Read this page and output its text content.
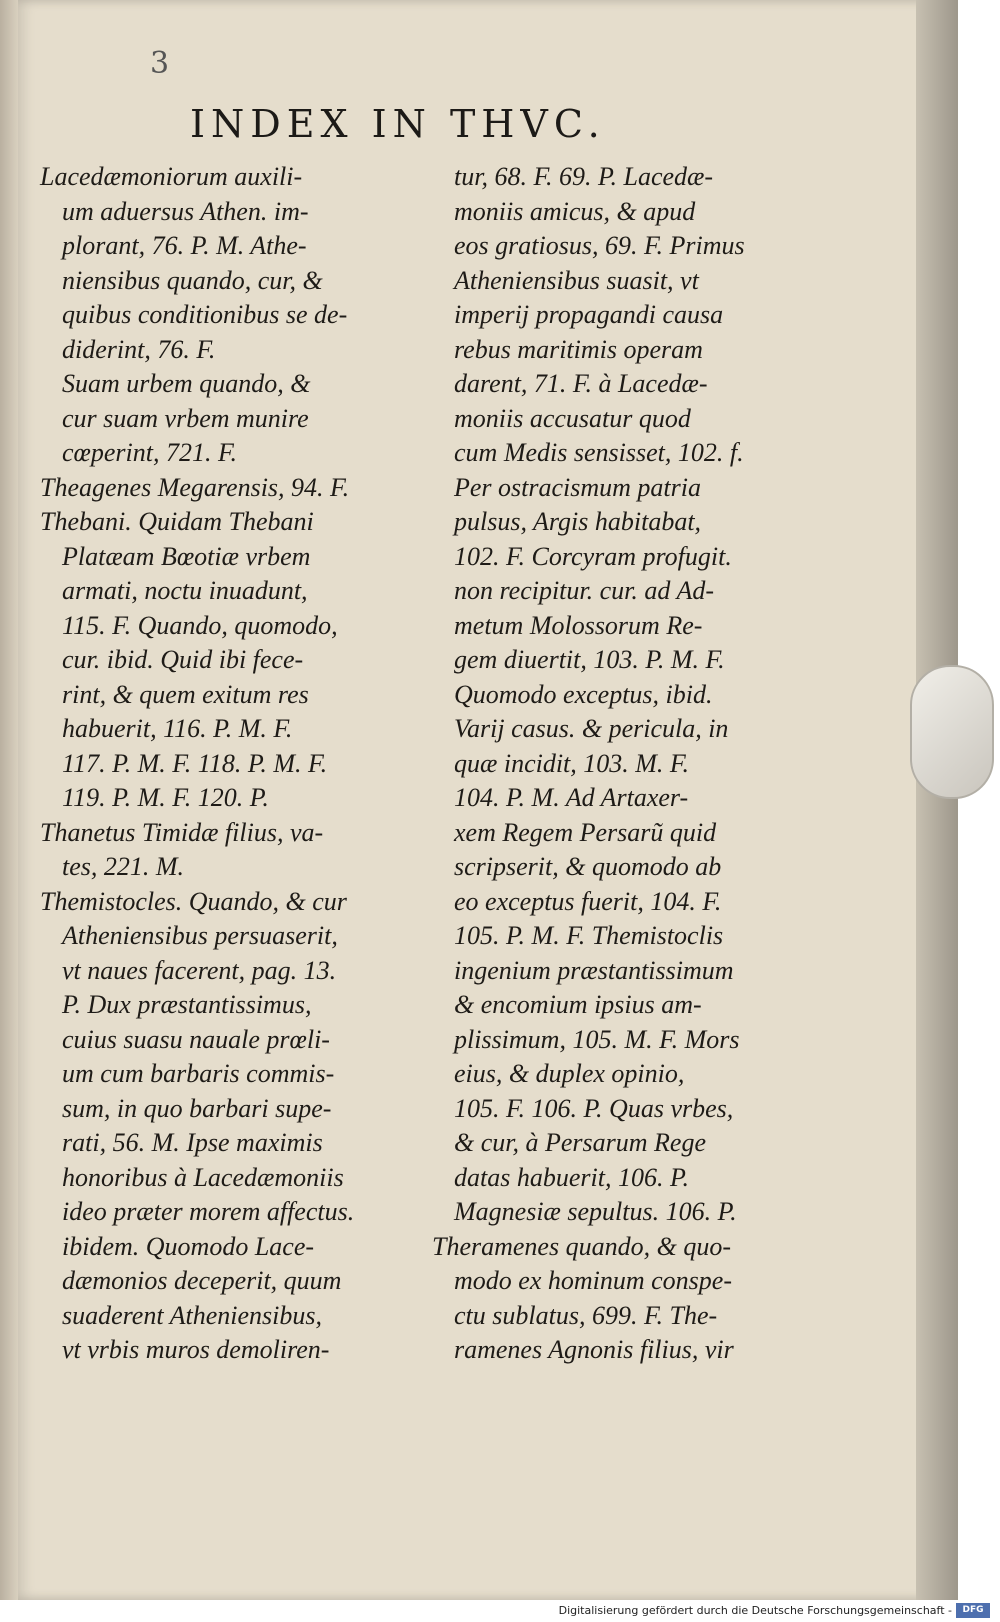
3
INDEX IN THVC.
Lacedæmoniorum auxili-
um aduersus Athen. im-
plorant, 76. P. M. Athe-
niensibus quando, cur, &
quibus conditionibus se de-
diderint, 76. F.
Suam urbem quando, &
cur suam vrbem munire
cœperint, 721. F.
Theagenes Megarensis, 94. F.
Thebani. Quidam Thebani
Platæam Bœotiæ vrbem
armati, noctu inuadunt,
115. F. Quando, quomodo,
cur. ibid. Quid ibi fece-
rint, & quem exitum res
habuerit, 116. P. M. F.
117. P. M. F. 118. P. M. F.
119. P. M. F. 120. P.
Thanetus Timidæ filius, va-
tes, 221. M.
Themistocles. Quando, & cur
Atheniensibus persuaserit,
vt naues facerent, pag. 13.
P. Dux præstantissimus,
cuius suasu nauale prœli-
um cum barbaris commis-
sum, in quo barbari supe-
rati, 56. M. Ipse maximis
honoribus à Lacedæmoniis
ideo præter morem affectus.
ibidem. Quomodo Lace-
dæmonios deceperit, quum
suaderent Atheniensibus,
vt vrbis muros demoliren-
tur, 68. F. 69. P. Lacedæ-
moniis amicus, & apud
eos gratiosus, 69. F. Primus
Atheniensibus suasit, vt
imperij propagandi causa
rebus maritimis operam
darent, 71. F. à Lacedæ-
moniis accusatur quod
cum Medis sensisset, 102. f.
Per ostracismum patria
pulsus, Argis habitabat,
102. F. Corcyram profugit.
non recipitur. cur. ad Ad-
metum Molossorum Re-
gem diuertit, 103. P. M. F.
Quomodo exceptus, ibid.
Varij casus. & pericula, in
quæ incidit, 103. M. F.
104. P. M. Ad Artaxer-
xem Regem Persarũ quid
scripserit, & quomodo ab
eo exceptus fuerit, 104. F.
105. P. M. F. Themistoclis
ingenium præstantissimum
& encomium ipsius am-
plissimum, 105. M. F. Mors
eius, & duplex opinio,
105. F. 106. P. Quas vrbes,
& cur, à Persarum Rege
datas habuerit, 106. P.
Magnesiæ sepultus. 106. P.
Theramenes quando, & quo-
modo ex hominum conspe-
ctu sublatus, 699. F. The-
ramenes Agnonis filius, vir
Digitalisierung gefördert durch die Deutsche Forschungsgemeinschaft -	DFG
